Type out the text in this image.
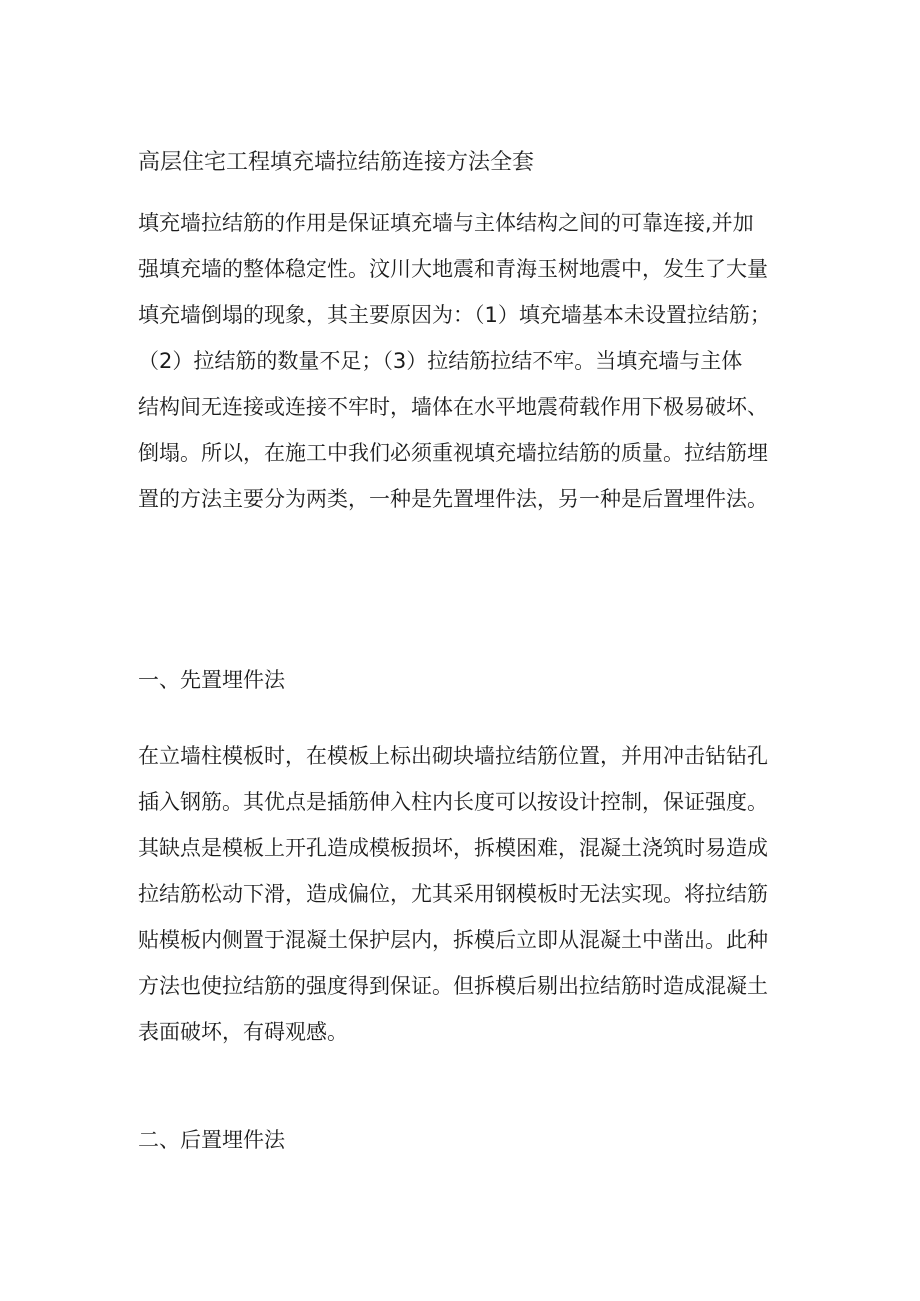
高层住宅工程填充墙拉结筋连接方法全套
填充墙拉结筋的作用是保证填充墙与主体结构之间的可靠连接,并加
强填充墙的整体稳定性。汶川大地震和青海玉树地震中，发生了大量
填充墙倒塌的现象，其主要原因为：（1）填充墙基本未设置拉结筋；
（2）拉结筋的数量不足；（3）拉结筋拉结不牢。当填充墙与主体
结构间无连接或连接不牢时，墙体在水平地震荷载作用下极易破坏、
倒塌。所以，在施工中我们必须重视填充墙拉结筋的质量。拉结筋埋
置的方法主要分为两类，一种是先置埋件法，另一种是后置埋件法。
一、先置埋件法
在立墙柱模板时，在模板上标出砌块墙拉结筋位置，并用冲击钻钻孔
插入钢筋。其优点是插筋伸入柱内长度可以按设计控制，保证强度。
其缺点是模板上开孔造成模板损坏，拆模困难，混凝土浇筑时易造成
拉结筋松动下滑，造成偏位，尤其采用钢模板时无法实现。将拉结筋
贴模板内侧置于混凝土保护层内，拆模后立即从混凝土中凿出。此种
方法也使拉结筋的强度得到保证。但拆模后剔出拉结筋时造成混凝土
表面破坏，有碍观感。
二、后置埋件法
